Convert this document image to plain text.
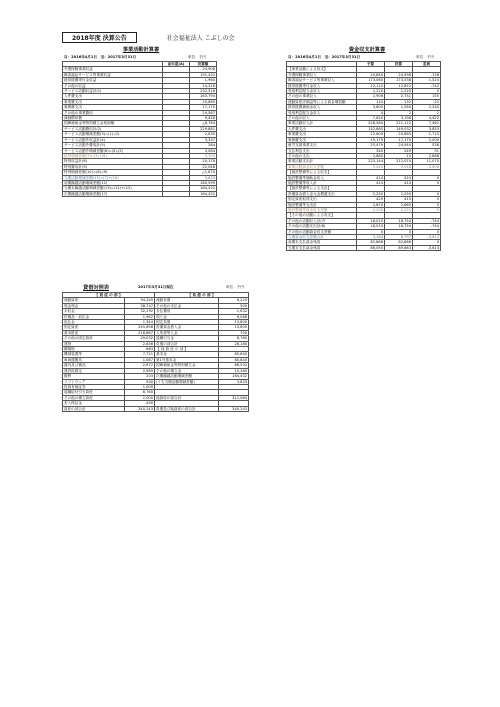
2018年度 決算公告	社会福祉法人 こぶしの会
事業活動計算書
自：2016年4月1日　至：2017年3月31日	単位：千円
	前年度(A)	決算額
介護保険事業収益		24,908
障害福祉サービス等事業収益		191,432
経常経費寄付金収益		1,960
その他の収益		14,216
サービス活動収益計(1)		232,516
人件費支出		163,794
事業費支出		20,665
事務費支出		17,170
その他の事業費用		24,587
減価償却費		9,428
国庫補助金等特別積立金取崩額		△8,764
サービス活動費用計(2)		229,881
サービス活動増減差額(3)=(1)-(2)		2,635
サービス活動外収益計(4)		3,337
サービス活動外費用計(5)		264
サービス活動外増減差額(6)=(4)-(5)		3,084
経常増減差額(7)=(3)+(6)		5,703
特別収益計(8)		20,178
特別費用計(9)		22,048
特別増減差額(10)=(8)-(9)		△1,870
当期活動増減差額(11)=(7)+(10)		3,833
前期繰越活動増減差額(12)		160,599
当期末繰越活動増減差額(13)=(11)+(12)		164,432
次期繰越活動増減差額(17)		164,432
資金収支計算書
自：2016年4月1日　至：2017年3月31日	単位：千円
	予算	決算	差異
【事業活動による収支】			
介護保険事業収入	24,840	24,998	-158
障害福祉サービス等事業収入	173,060	173,536	1,524
経常経費寄付金収入	12,110	12,852	-742
受取利息配当金収入	1,220	1,220	0
その他の事業収入	2,906	2,751	155
流動資産評価益等による資金増加額	110	132	-22
経常経費補助金収入	3,800	1,560	2,240
受取利息配当金収入	4	2	2
その他の収入	7,620	3,198	4,422
事業活動収入計	228,584	221,122	7,462
人件費支出	152,885	149,032	3,853
事業費支出	22,600	20,885	1,715
事務費支出	19,179	17,170	2,009
就労支援事業支出	25,479	24,944	536
支払利息支出	340	249	91
その他の支出	2,880	12	2,868
事業活動支出計	223,144	212,074	11,070
事業活動資金収支差額	5,440	9,048	-3,608
【施設整備等による収支】			
施設整備等補助金収入	414	414	0
施設整備等収入計	414	414	0
【施設整備等による支出】			
設備資金借入金元金償還支出	2,250	2,250	0
固定資産取得支出	420	415	5
施設整備等支出計	2,670	2,665	5
施設整備等資金収支差額	-2,256	-2,251	-5
【その他の活動による収支】			
その他の活動収入計(7)	18,010	18,754	-744
その他の活動支出計(8)	18,010	18,754	-744
その他の活動資金収支差額	0	0	0
当期資金収支差額合計	3,184	6,797	-3,613
前期末支払資金残高	82,866	82,866	0
当期末支払資金残高	86,050	89,663	-3,613
貸借対照表	2017年3月31日現在	単位：千円
【 資 産 の 部 】		【 負 債 の 部 】	
流動資産	94,345	流動負債	8,220
現金預金	58,747	その他の未払金	500
未収金	32,292	未払費用	1,632
貯蔵品・前払金	1,962	預り金	6,088
仮払金	1,344	固定負債	13,800
固定資産	245,898	設備資金借入金	13,800
基本財産	216,867	入所者等入金	700
その他の固定資産	29,032	退職引当金	8,760
建物	2,636	負債の部合計	28,180
構築物	663	【 純 資 産 の 部 】	
機械装置等	7,721	基本金	80,840
車両運搬具	1,087	第1号基本金	80,840
器具及び備品	2,872	国庫補助金等特別積立金	66,532
建設仮勘定	2,969	その他の積立金	10,260
権利	203	次期繰越活動増減差額	164,432
ソフトウェア	500	(うち当期活動増減差額)	3,833
投資有価証券	1,000		
退職給付引当資産	8,760		
その他の積立資産	2,000	純資産の部合計	312,064
差入保証金	400		
資産の部合計	340,243	負債及び純資産の部合計	340,243
